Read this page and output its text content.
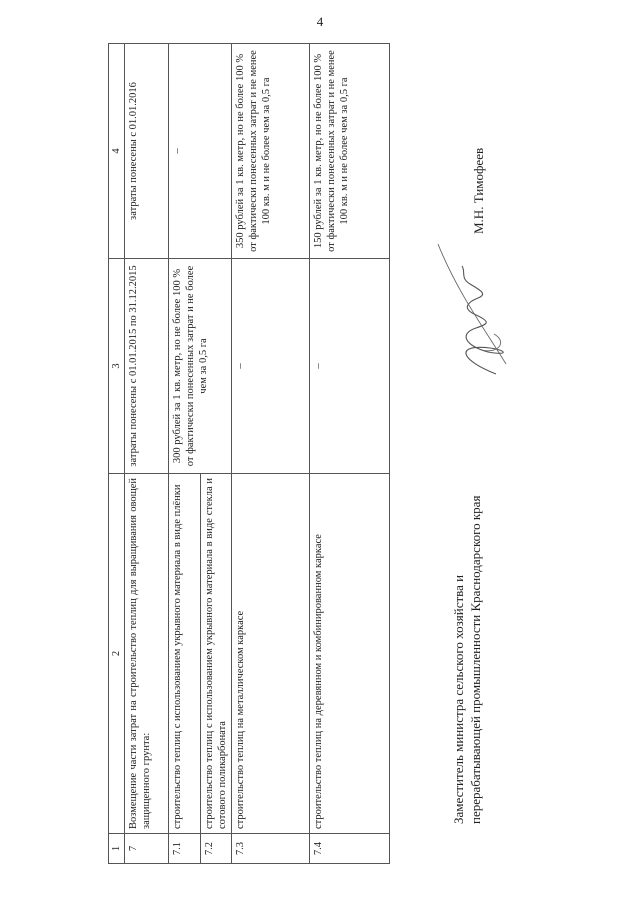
4
1	2	3	4
7	Возмещение части затрат на строительство теплиц для выращивания овощей защищенного грунта:	затраты понесены с 01.01.2015 по 31.12.2015	затраты понесены с 01.01.2016
7.1	строительство теплиц с использованием укрывного материала в виде плёнки	300 рублей за 1 кв. метр, но не более 100 % от фактически понесенных затрат и не более чем за 0,5 га	–
7.2	строительство теплиц с использованием укрывного материала в виде стекла и сотового поликарбоната		
7.3	строительство теплиц на металлическом каркасе	–	350 рублей за 1 кв. метр, но не более 100 % от фактически понесенных затрат и не менее 100 кв. м и не более чем за 0,5 га
7.4	строительство теплиц на деревянном и комбинированном каркасе	–	150 рублей за 1 кв. метр, но не более 100 % от фактически понесенных затрат и не менее 100 кв. м и не более чем за 0,5 га
Заместитель министра сельского хозяйства и перерабатывающей промышленности Краснодарского края
М.Н. Тимофеев
